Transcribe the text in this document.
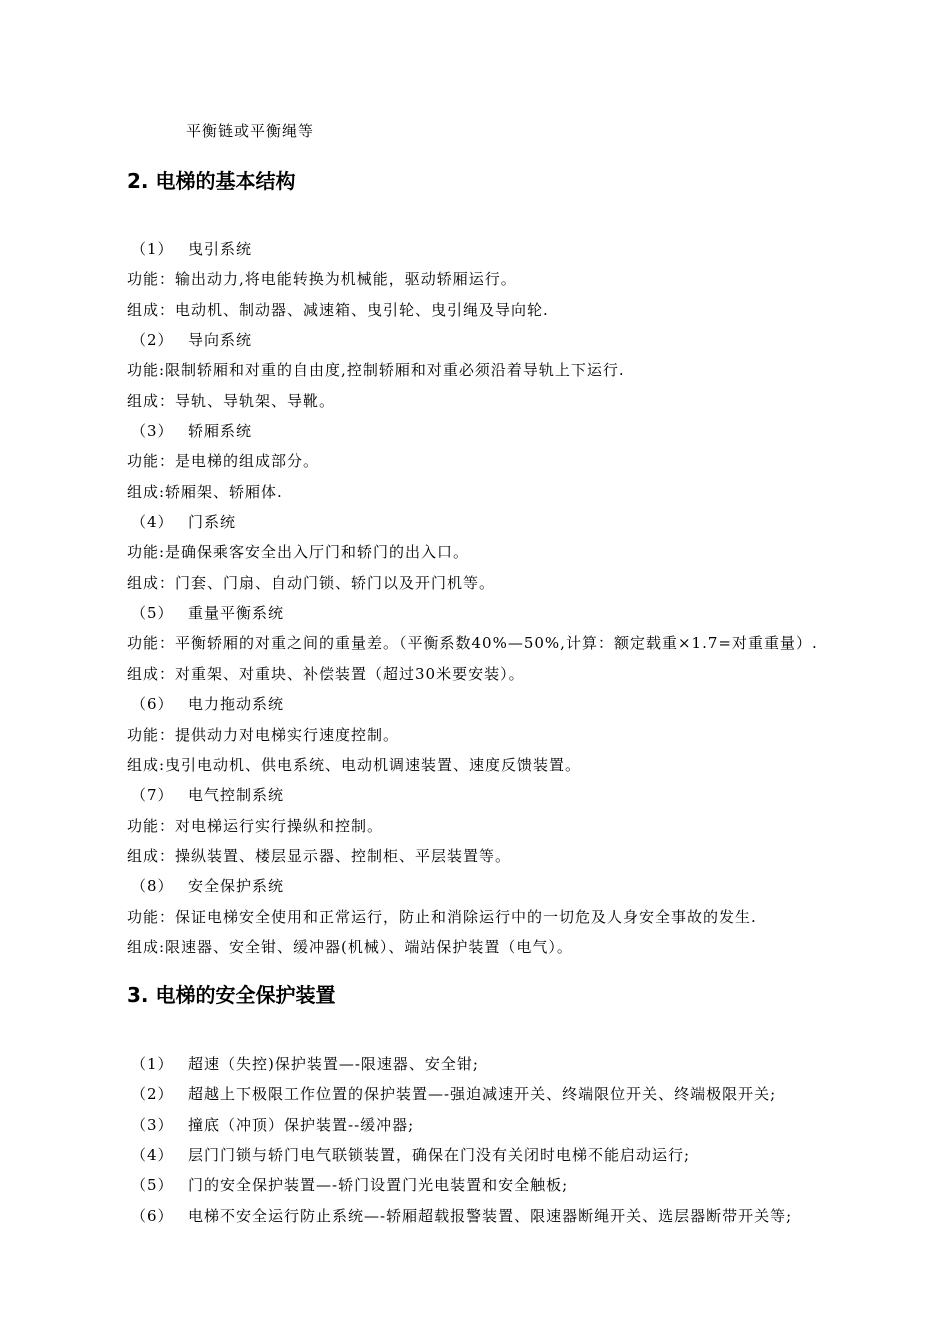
平衡链或平衡绳等
2. 电梯的基本结构
（1） 曳引系统
功能：输出动力,将电能转换为机械能，驱动轿厢运行。
组成：电动机、制动器、减速箱、曳引轮、曳引绳及导向轮.
（2） 导向系统
功能:限制轿厢和对重的自由度,控制轿厢和对重必须沿着导轨上下运行.
组成：导轨、导轨架、导靴。
（3） 轿厢系统
功能：是电梯的组成部分。
组成:轿厢架、轿厢体.
（4） 门系统
功能:是确保乘客安全出入厅门和轿门的出入口。
组成：门套、门扇、自动门锁、轿门以及开门机等。
（5） 重量平衡系统
功能：平衡轿厢的对重之间的重量差。（平衡系数40%—50%,计算：额定载重×1.7=对重重量）.
组成：对重架、对重块、补偿装置（超过30米要安装）。
（6） 电力拖动系统
功能：提供动力对电梯实行速度控制。
组成:曳引电动机、供电系统、电动机调速装置、速度反馈装置。
（7） 电气控制系统
功能：对电梯运行实行操纵和控制。
组成：操纵装置、楼层显示器、控制柜、平层装置等。
（8） 安全保护系统
功能：保证电梯安全使用和正常运行，防止和消除运行中的一切危及人身安全事故的发生.
组成:限速器、安全钳、缓冲器(机械）、端站保护装置（电气）。
3. 电梯的安全保护装置
（1） 超速（失控)保护装置—-限速器、安全钳;
（2） 超越上下极限工作位置的保护装置—-强迫减速开关、终端限位开关、终端极限开关;
（3） 撞底（冲顶）保护装置--缓冲器;
（4） 层门门锁与轿门电气联锁装置，确保在门没有关闭时电梯不能启动运行;
（5） 门的安全保护装置—-轿门设置门光电装置和安全触板;
（6） 电梯不安全运行防止系统—-轿厢超载报警装置、限速器断绳开关、选层器断带开关等;
